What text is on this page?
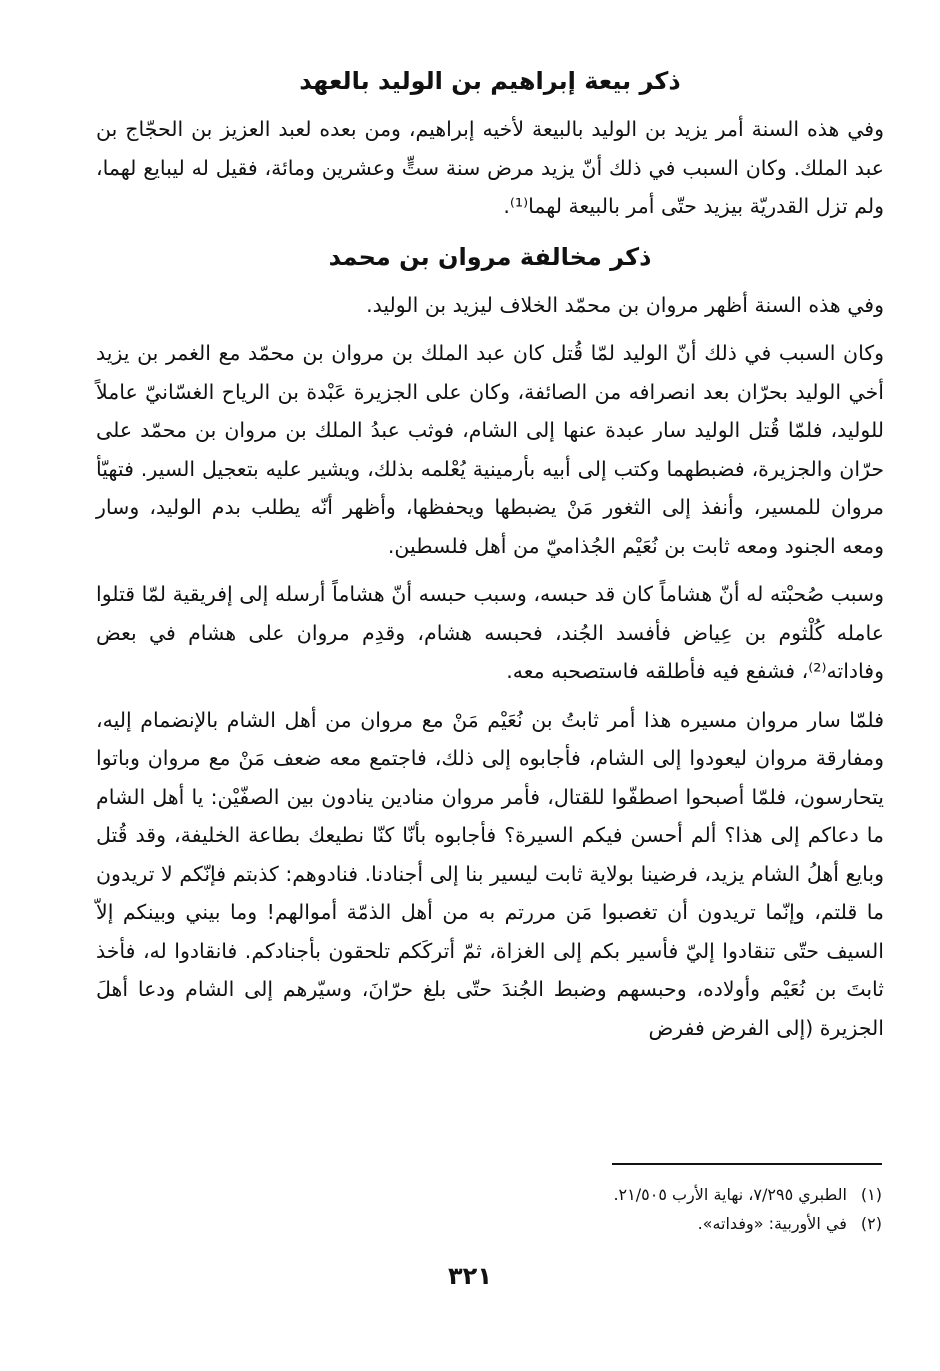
ذكر بيعة إبراهيم بن الوليد بالعهد

وفي هذه السنة أمر يزيد بن الوليد بالبيعة لأخيه إبراهيم، ومن بعده لعبد العزيز بن الحجّاج بن عبد الملك. وكان السبب في ذلك أنّ يزيد مرض سنة ستٍّ وعشرين ومائة، فقيل له ليبايع لهما، ولم تزل القدريّة بيزيد حتّى أمر بالبيعة لهما⁽¹⁾.

ذكر مخالفة مروان بن محمد

وفي هذه السنة أظهر مروان بن محمّد الخلاف ليزيد بن الوليد.

وكان السبب في ذلك أنّ الوليد لمّا قُتل كان عبد الملك بن مروان بن محمّد مع الغمر بن يزيد أخي الوليد بحرّان بعد انصرافه من الصائفة، وكان على الجزيرة عَبْدة بن الرياح الغسّانيّ عاملاً للوليد، فلمّا قُتل الوليد سار عبدة عنها إلى الشام، فوثب عبدُ الملك بن مروان بن محمّد على حرّان والجزيرة، فضبطهما وكتب إلى أبيه بأرمينية يُعْلمه بذلك، ويشير عليه بتعجيل السير. فتهيّأ مروان للمسير، وأنفذ إلى الثغور مَنْ يضبطها ويحفظها، وأظهر أنّه يطلب بدم الوليد، وسار ومعه الجنود ومعه ثابت بن نُعَيْم الجُذاميّ من أهل فلسطين.

وسبب صُحبْته له أنّ هشاماً كان قد حبسه، وسبب حبسه أنّ هشاماً أرسله إلى إفريقية لمّا قتلوا عامله كُلْثوم بن عِياض فأفسد الجُند، فحبسه هشام، وقدِم مروان على هشام في بعض وفاداته⁽²⁾، فشفع فيه فأطلقه فاستصحبه معه.

فلمّا سار مروان مسيره هذا أمر ثابتُ بن نُعَيْم مَنْ مع مروان من أهل الشام بالإنضمام إليه، ومفارقة مروان ليعودوا إلى الشام، فأجابوه إلى ذلك، فاجتمع معه ضعف مَنْ مع مروان وباتوا يتحارسون، فلمّا أصبحوا اصطفّوا للقتال، فأمر مروان منادين ينادون بين الصفّيْن: يا أهل الشام ما دعاكم إلى هذا؟ ألم أحسن فيكم السيرة؟ فأجابوه بأنّا كنّا نطيعك بطاعة الخليفة، وقد قُتل وبايع أهلُ الشام يزيد، فرضينا بولاية ثابت ليسير بنا إلى أجنادنا. فنادوهم: كذبتم فإنّكم لا تريدون ما قلتم، وإنّما تريدون أن تغصبوا مَن مررتم به من أهل الذمّة أموالهم! وما بيني وبينكم إلاّ السيف حتّى تنقادوا إليّ فأسير بكم إلى الغزاة، ثمّ أتركَكم تلحقون بأجنادكم. فانقادوا له، فأخذ ثابتَ بن نُعَيْم وأولاده، وحبسهم وضبط الجُندَ حتّى بلغ حرّانَ، وسيّرهم إلى الشام ودعا أهلَ الجزيرة (إلى الفرض ففرض

(١) الطبري ٧/٢٩٥، نهاية الأرب ٢١/٥٠٥.
(٢) في الأوربية: «وفداته».
٣٢١
